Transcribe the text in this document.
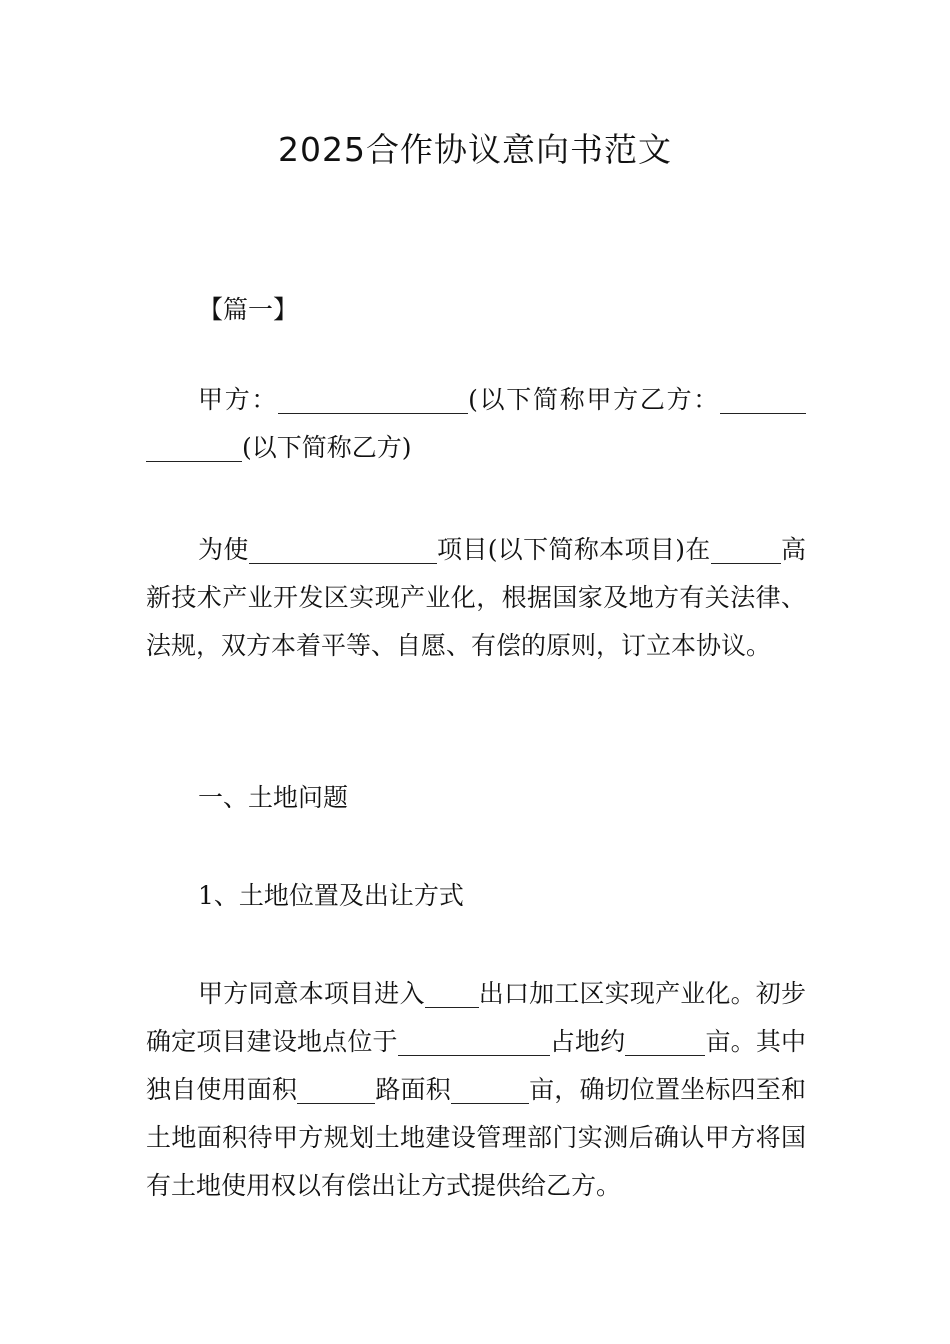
2025合作协议意向书范文
【篇一】
甲方：	(以下简称甲方乙方：(以下简称乙方)
为使	项目(以下简称本项目)在	高新技术产业开发区实现产业化，根据国家及地方有关法律、法规，双方本着平等、自愿、有偿的原则，订立本协议。
一、土地问题
1、土地位置及出让方式
甲方同意本项目进入 出口加工区实现产业化。初步确定项目建设地点位于	占地约	亩。其中独自使用面积	路面积	亩，确切位置坐标四至和土地面积待甲方规划土地建设管理部门实测后确认甲方将国有土地使用权以有偿出让方式提供给乙方。
